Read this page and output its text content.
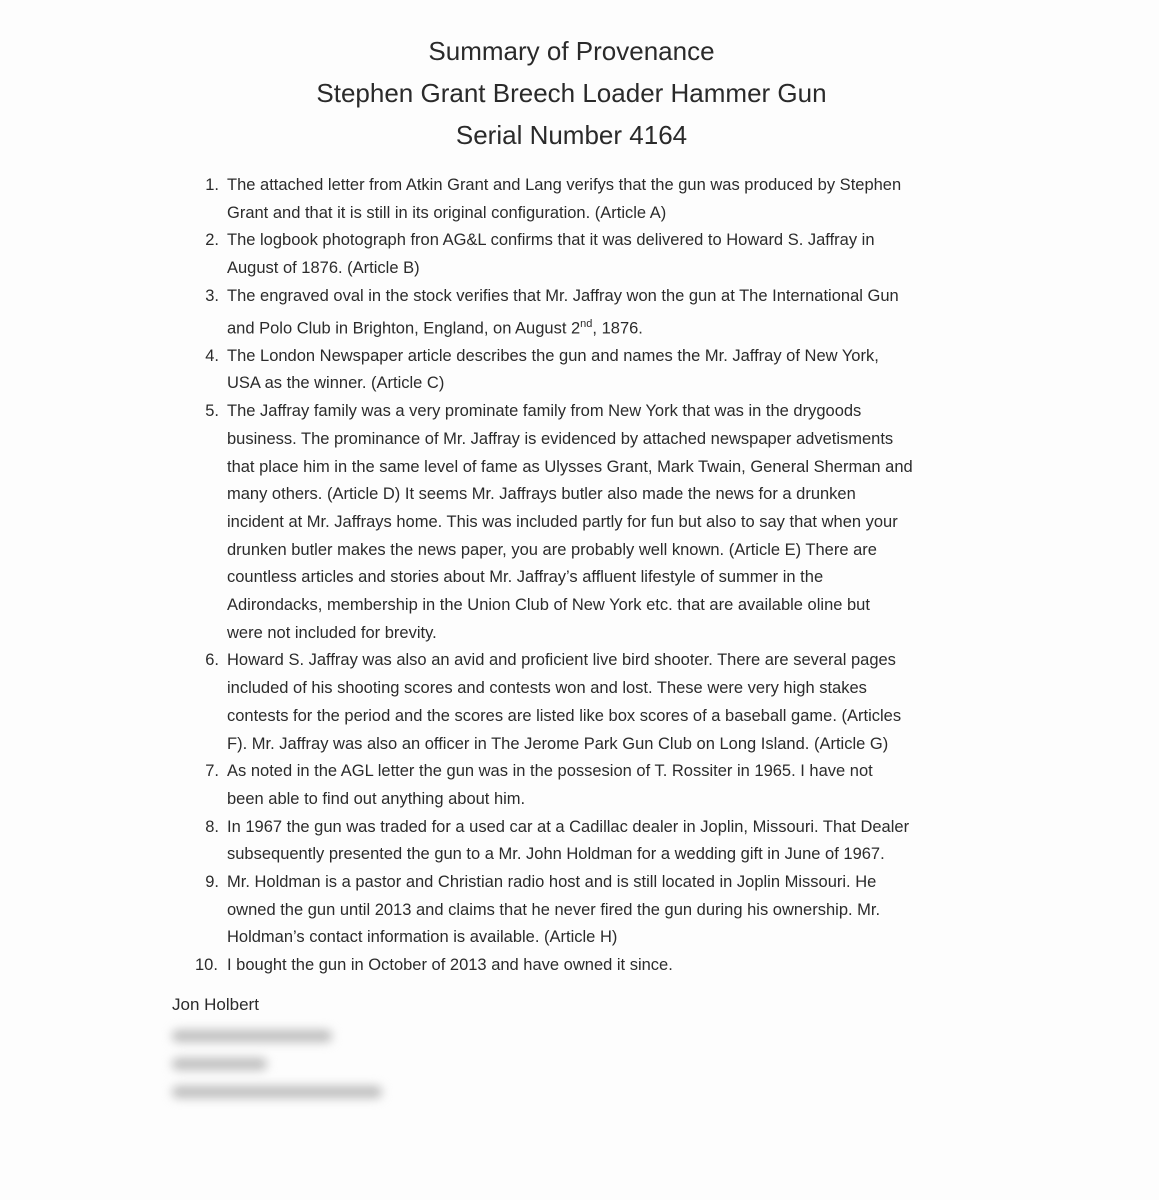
Summary of Provenance
Stephen Grant Breech Loader Hammer Gun
Serial Number 4164
1. The attached letter from Atkin Grant and Lang verifys that the gun was produced by Stephen
Grant and that it is still in its original configuration. (Article A)
2. The logbook photograph fron AG&L confirms that it was delivered to Howard S. Jaffray in
August of 1876. (Article B)
3. The engraved oval in the stock verifies that Mr. Jaffray won the gun at The International Gun
and Polo Club in Brighton, England, on August 2nd, 1876.
4. The London Newspaper article describes the gun and names the Mr. Jaffray of New York,
USA as the winner. (Article C)
5. The Jaffray family was a very prominate family from New York that was in the drygoods
business. The prominance of Mr. Jaffray is evidenced by attached newspaper advetisments
that place him in the same level of fame as Ulysses Grant, Mark Twain, General Sherman and
many others. (Article D) It seems Mr. Jaffrays butler also made the news for a drunken
incident at Mr. Jaffrays home. This was included partly for fun but also to say that when your
drunken butler makes the news paper, you are probably well known. (Article E) There are
countless articles and stories about Mr. Jaffray’s affluent lifestyle of summer in the
Adirondacks, membership in the Union Club of New York etc. that are available oline but
were not included for brevity.
6. Howard S. Jaffray was also an avid and proficient live bird shooter. There are several pages
included of his shooting scores and contests won and lost. These were very high stakes
contests for the period and the scores are listed like box scores of a baseball game. (Articles
F). Mr. Jaffray was also an officer in The Jerome Park Gun Club on Long Island. (Article G)
7. As noted in the AGL letter the gun was in the possesion of T. Rossiter in 1965. I have not
been able to find out anything about him.
8. In 1967 the gun was traded for a used car at a Cadillac dealer in Joplin, Missouri. That Dealer
subsequently presented the gun to a Mr. John Holdman for a wedding gift in June of 1967.
9. Mr. Holdman is a pastor and Christian radio host and is still located in Joplin Missouri. He
owned the gun until 2013 and claims that he never fired the gun during his ownership. Mr.
Holdman’s contact information is available. (Article H)
10. I bought the gun in October of 2013 and have owned it since.
Jon Holbert
